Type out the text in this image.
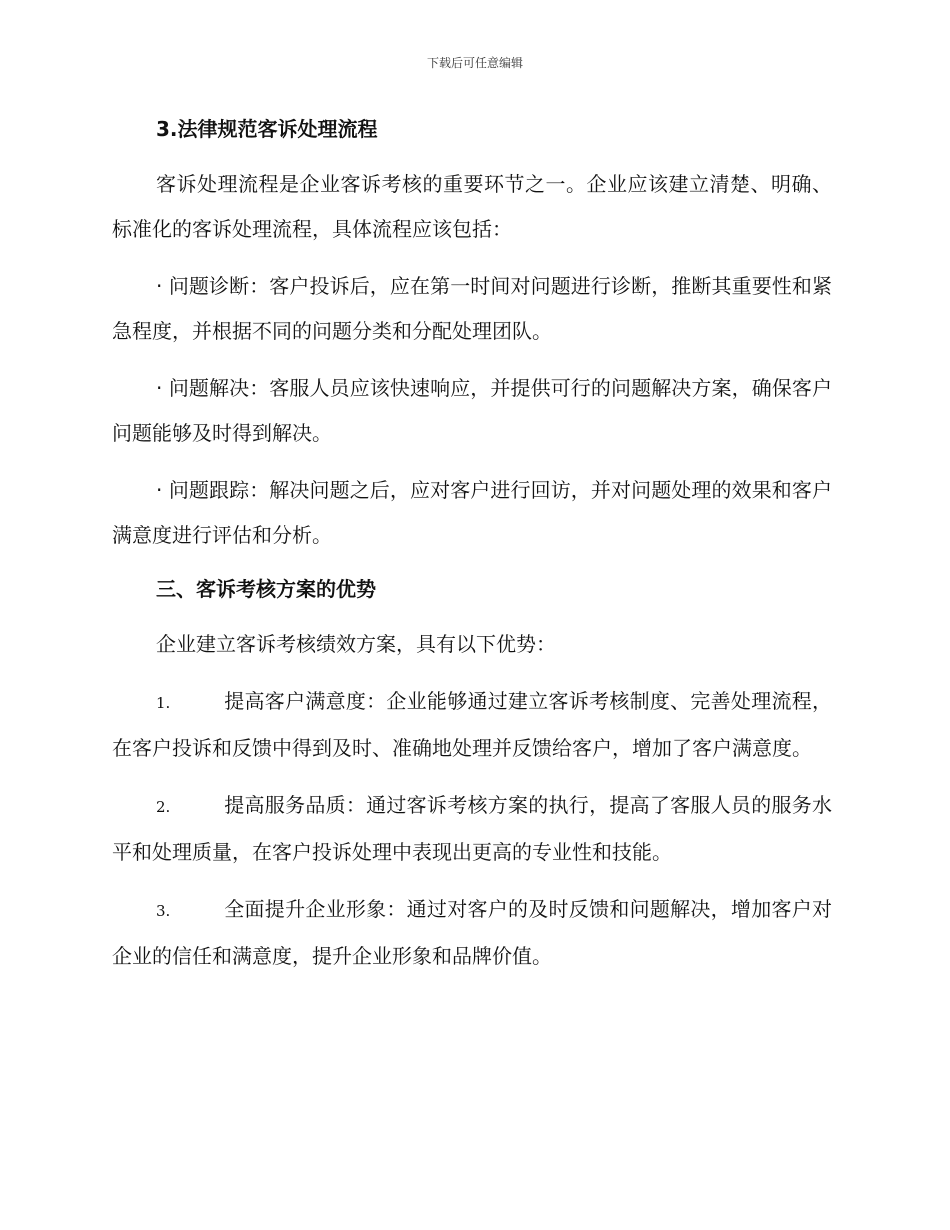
下载后可任意编辑
3.法律规范客诉处理流程

客诉处理流程是企业客诉考核的重要环节之一。企业应该建立清楚、明确、标准化的客诉处理流程，具体流程应该包括：

· 问题诊断：客户投诉后，应在第一时间对问题进行诊断，推断其重要性和紧急程度，并根据不同的问题分类和分配处理团队。

· 问题解决：客服人员应该快速响应，并提供可行的问题解决方案，确保客户问题能够及时得到解决。

· 问题跟踪：解决问题之后，应对客户进行回访，并对问题处理的效果和客户满意度进行评估和分析。

三、客诉考核方案的优势

企业建立客诉考核绩效方案，具有以下优势：

1.	提高客户满意度：企业能够通过建立客诉考核制度、完善处理流程，在客户投诉和反馈中得到及时、准确地处理并反馈给客户，增加了客户满意度。

2.	提高服务品质：通过客诉考核方案的执行，提高了客服人员的服务水平和处理质量，在客户投诉处理中表现出更高的专业性和技能。

3.	全面提升企业形象：通过对客户的及时反馈和问题解决，增加客户对企业的信任和满意度，提升企业形象和品牌价值。
